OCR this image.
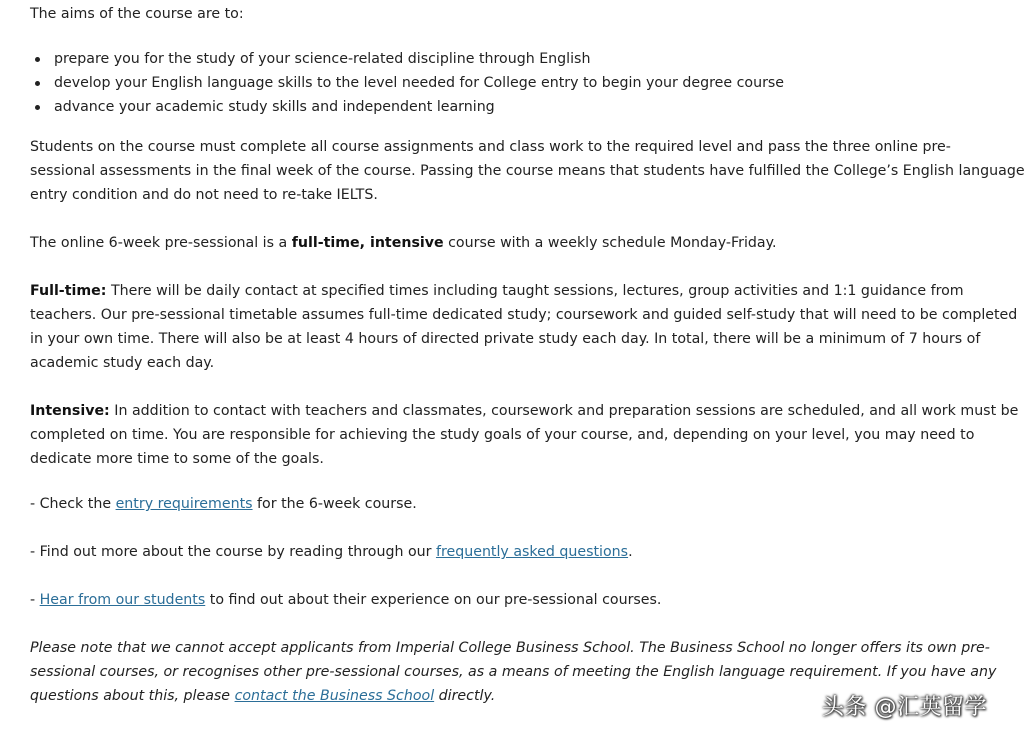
The aims of the course are to:

prepare you for the study of your science-related discipline through English
develop your English language skills to the level needed for College entry to begin your degree course
advance your academic study skills and independent learning

Students on the course must complete all course assignments and class work to the required level and pass the three online pre-
sessional assessments in the final week of the course. Passing the course means that students have fulfilled the College’s English language entry condition and do not need to re-take IELTS.

The online 6-week pre-sessional is a full-time, intensive course with a weekly schedule Monday-Friday.

Full-time: There will be daily contact at specified times including taught sessions, lectures, group activities and 1:1 guidance from teachers. Our pre-sessional timetable assumes full-time dedicated study; coursework and guided self-study that will need to be completed in your own time. There will also be at least 4 hours of directed private study each day. In total, there will be a minimum of 7 hours of academic study each day.

Intensive: In addition to contact with teachers and classmates, coursework and preparation sessions are scheduled, and all work must be completed on time. You are responsible for achieving the study goals of your course, and, depending on your level, you may need to dedicate more time to some of the goals.

- Check the entry requirements for the 6-week course.

- Find out more about the course by reading through our frequently asked questions.

- Hear from our students to find out about their experience on our pre-sessional courses.

Please note that we cannot accept applicants from Imperial College Business School. The Business School no longer offers its own pre-sessional courses, or recognises other pre-sessional courses, as a means of meeting the English language requirement. If you have any questions about this, please contact the Business School directly.	头条 @汇英留学
